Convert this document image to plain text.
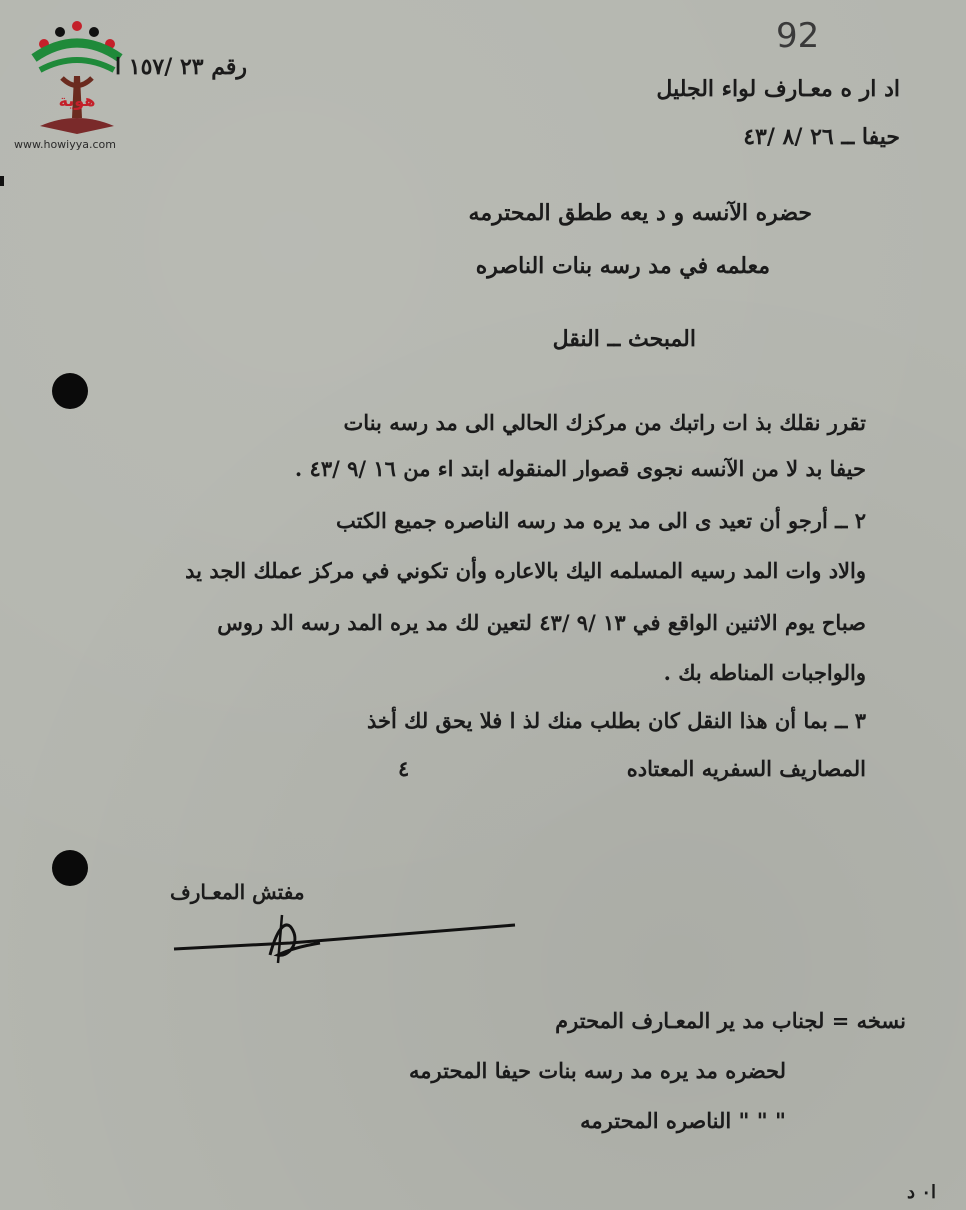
هوية
www.howiyya.com
92
رقم ٢٣ /١٥٧ ا
اد ار ه معـارف لواء الجليل
حيفا ــ ٢٦ /٨ /٤٣
حضره الآنسه و د يعه ططق المحترمه
معلمه في مد رسه بنات الناصره
المبحث ــ النقل
تقرر نقلك بذ ات راتبك من مركزك الحالي الى مد رسه بنات
حيفا بد لا من الآنسه نجوى قصوار المنقوله ابتد اء من ١٦ /٩ /٤٣ .
٢ ــ أرجو أن تعيد ى الى مد يره مد رسه الناصره جميع الكتب
والاد وات المد رسيه المسلمه اليك بالاعاره وأن تكوني في مركز عملك الجد يد
صباح يوم الاثنين الواقع في ١٣ /٩ /٤٣ لتعين لك مد يره المد رسه الد روس
والواجبات المناطه بك .
٣ ــ بما أن هذا النقل كان بطلب منك لذ ا فلا يحق لك أخذ
المصاريف السفريه المعتاده
٤
مفتش المعـارف
نسخه = لجناب مد ير المعـارف المحترم
لحضره مد يره مد رسه بنات حيفا المحترمه
" " " الناصره المحترمه
ا٠ د
